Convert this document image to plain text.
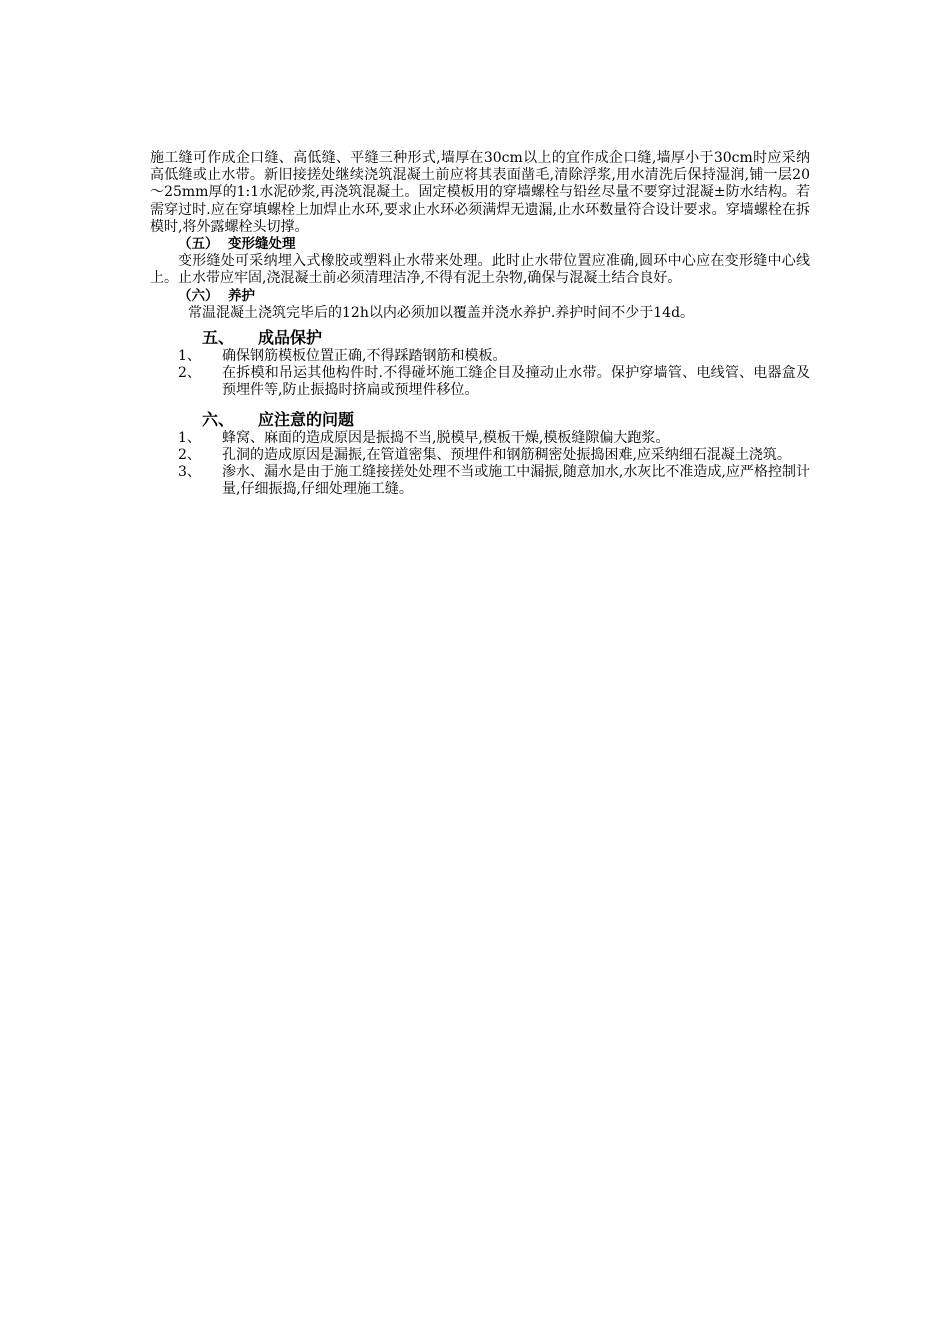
施工缝可作成企口缝、高低缝、平缝三种形式,墙厚在30cm以上的宜作成企口缝,墙厚小于30cm时应采纳高低缝或止水带。新旧接搓处继续浇筑混凝土前应将其表面凿毛,清除浮浆,用水清洗后保持湿润,铺一层20～25mm厚的1:1水泥砂浆,再浇筑混凝土。固定模板用的穿墙螺栓与铅丝尽量不要穿过混凝±防水结构。若需穿过时.应在穿填螺栓上加焊止水环,要求止水环必须满焊无遗漏,止水环数量符合设计要求。穿墙螺栓在拆模时,将外露螺栓头切撑。

（五） 变形缝处理

变形缝处可采纳埋入式橡胶或塑料止水带来处理。此时止水带位置应准确,圆环中心应在变形缝中心线上。止水带应牢固,浇混凝土前必须清理洁净,不得有泥土杂物,确保与混凝土结合良好。

（六） 养护

常温混凝土浇筑完毕后的12h以内必须加以覆盖并浇水养护.养护时间不少于14d。

五、 成品保护

1、	确保钢筋模板位置正确,不得踩踏钢筋和模板。
2、	在拆模和吊运其他构件时.不得碰坏施工缝企目及撞动止水带。保护穿墙管、电线管、电器盒及预埋件等,防止振捣时挤扁或预埋件移位。

六、 应注意的问题

1、	蜂窝、麻面的造成原因是振捣不当,脱模早,模板干燥,模板缝隙偏大跑浆。
2、	孔洞的造成原因是漏振,在管道密集、预埋件和钢筋稠密处振捣困难,应采纳细石混凝土浇筑。
3、	渗水、漏水是由于施工缝接搓处处理不当或施工中漏振,随意加水,水灰比不准造成,应严格控制计量,仔细振捣,仔细处理施工缝。
